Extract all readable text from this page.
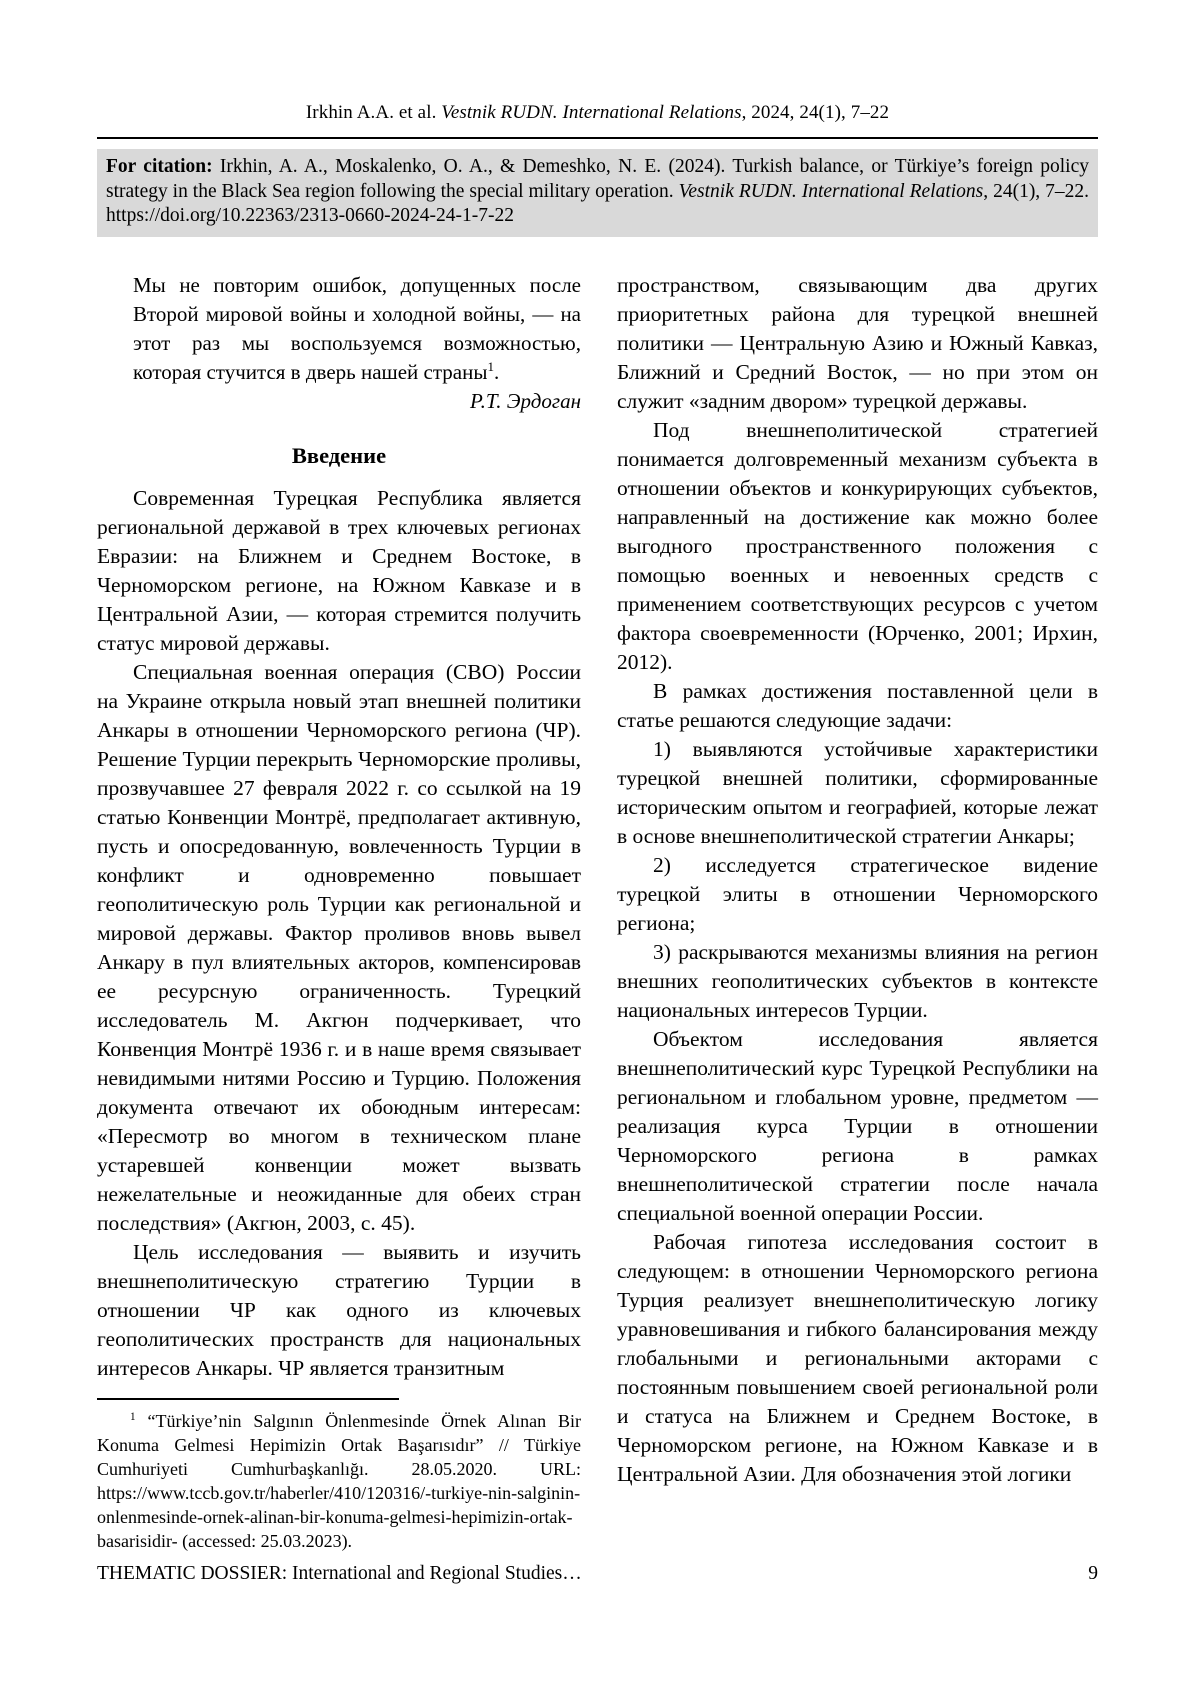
Irkhin A.A. et al. Vestnik RUDN. International Relations, 2024, 24(1), 7–22
For citation: Irkhin, A. A., Moskalenko, O. A., & Demeshko, N. E. (2024). Turkish balance, or Türkiye’s foreign policy strategy in the Black Sea region following the special military operation. Vestnik RUDN. International Relations, 24(1), 7–22. https://doi.org/10.22363/2313-0660-2024-24-1-7-22
Мы не повторим ошибок, допущенных после Второй мировой войны и холодной войны, — на этот раз мы воспользуемся возможностью, которая стучится в дверь нашей страны$^1$.
Р.Т. Эрдоган
Введение

Современная Турецкая Республика является региональной державой в трех ключевых регионах Евразии: на Ближнем и Среднем Востоке, в Черноморском регионе, на Южном Кавказе и в Центральной Азии, — которая стремится получить статус мировой державы.

Специальная военная операция (СВО) России на Украине открыла новый этап внешней политики Анкары в отношении Черноморского региона (ЧР). Решение Турции перекрыть Черноморские проливы, прозвучавшее 27 февраля 2022 г. со ссылкой на 19 статью Конвенции Монтрё, предполагает активную, пусть и опосредованную, вовлеченность Турции в конфликт и одновременно повышает геополитическую роль Турции как региональной и мировой державы. Фактор проливов вновь вывел Анкару в пул влиятельных акторов, компенсировав ее ресурсную ограниченность. Турецкий исследователь М. Акгюн подчеркивает, что Конвенция Монтрё 1936 г. и в наше время связывает невидимыми нитями Россию и Турцию. Положения документа отвечают их обоюдным интересам: «Пересмотр во многом в техническом плане устаревшей конвенции может вызвать нежелательные и неожиданные для обеих стран последствия» (Акгюн, 2003, с. 45).

Цель исследования — выявить и изучить внешнеполитическую стратегию Турции в отношении ЧР как одного из ключевых геополитических пространств для национальных интересов Анкары. ЧР является транзитным

$^1$ “Türkiye’nin Salgının Önlenmesinde Örnek Alınan Bir Konuma Gelmesi Hepimizin Ortak Başarısıdır” // Türkiye Cumhuriyeti Cumhurbaşkanlığı. 28.05.2020. URL: https://www.tccb.gov.tr/haberler/410/120316/-turkiye-nin-salginin-onlenmesinde-ornek-alinan-bir-konuma-gelmesi-hepimizin-ortak-basarisidir- (accessed: 25.03.2023).

пространством, связывающим два других приоритетных района для турецкой внешней политики — Центральную Азию и Южный Кавказ, Ближний и Средний Восток, — но при этом он служит «задним двором» турецкой державы.

Под внешнеполитической стратегией понимается долговременный механизм субъекта в отношении объектов и конкурирующих субъектов, направленный на достижение как можно более выгодного пространственного положения с помощью военных и невоенных средств с применением соответствующих ресурсов с учетом фактора своевременности (Юрченко, 2001; Ирхин, 2012).

В рамках достижения поставленной цели в статье решаются следующие задачи:

1) выявляются устойчивые характеристики турецкой внешней политики, сформированные историческим опытом и географией, которые лежат в основе внешнеполитической стратегии Анкары;

2) исследуется стратегическое видение турецкой элиты в отношении Черноморского региона;

3) раскрываются механизмы влияния на регион внешних геополитических субъектов в контексте национальных интересов Турции.

Объектом исследования является внешнеполитический курс Турецкой Республики на региональном и глобальном уровне, предметом — реализация курса Турции в отношении Черноморского региона в рамках внешнеполитической стратегии после начала специальной военной операции России.

Рабочая гипотеза исследования состоит в следующем: в отношении Черноморского региона Турция реализует внешнеполитическую логику уравновешивания и гибкого балансирования между глобальными и региональными акторами с постоянным повышением своей региональной роли и статуса на Ближнем и Среднем Востоке, в Черноморском регионе, на Южном Кавказе и в Центральной Азии. Для обозначения этой логики

THEMATIC DOSSIER: International and Regional Studies…	9
